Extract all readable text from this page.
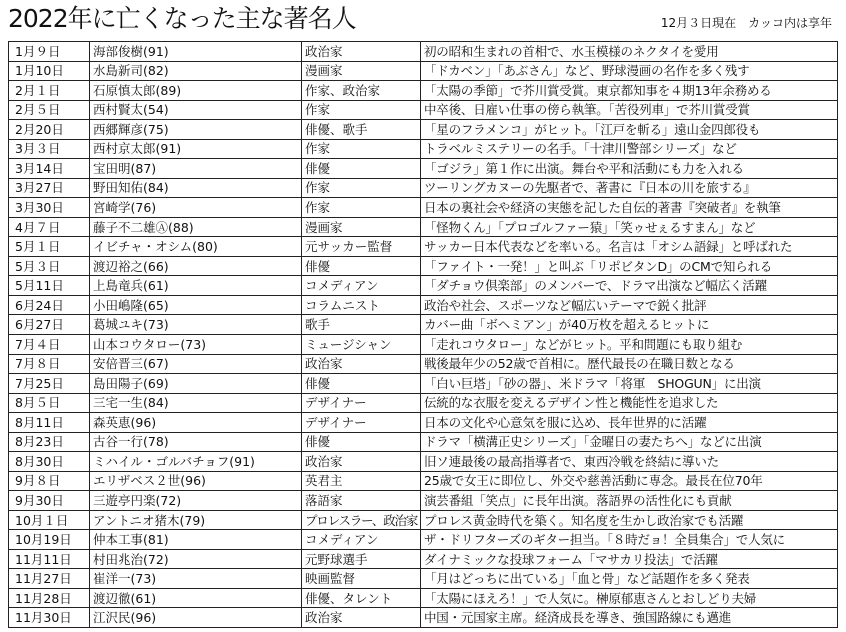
2022年に亡くなった主な著名人	12月３日現在　カッコ内は享年
1月９日	海部俊樹(91)	政治家	初の昭和生まれの首相で、水玉模様のネクタイを愛用
1月10日	水島新司(82)	漫画家	「ドカベン」「あぶさん」など、野球漫画の名作を多く残す
2月１日	石原慎太郎(89)	作家、政治家	「太陽の季節」で芥川賞受賞。東京都知事を４期13年余務める
2月５日	西村賢太(54)	作家	中卒後、日雇い仕事の傍ら執筆。「苦役列車」で芥川賞受賞
2月20日	西郷輝彦(75)	俳優、歌手	「星のフラメンコ」がヒット。「江戸を斬る」遠山金四郎役も
3月３日	西村京太郎(91)	作家	トラベルミステリーの名手。「十津川警部シリーズ」など
3月14日	宝田明(87)	俳優	「ゴジラ」第１作に出演。舞台や平和活動にも力を入れる
3月27日	野田知佑(84)	作家	ツーリングカヌーの先駆者で、著書に『日本の川を旅する』
3月30日	宮崎学(76)	作家	日本の裏社会や経済の実態を記した自伝的著書『突破者』を執筆
4月７日	藤子不二雄Ⓐ(88)	漫画家	「怪物くん」「プロゴルファー猿」「笑ゥせぇるすまん」など
5月１日	イビチャ・オシム(80)	元サッカー監督	サッカー日本代表などを率いる。名言は「オシム語録」と呼ばれた
5月３日	渡辺裕之(66)	俳優	「ファイト・一発！」と叫ぶ「リポビタンD」のCMで知られる
5月11日	上島竜兵(61)	コメディアン	「ダチョウ倶楽部」のメンバーで、ドラマ出演など幅広く活躍
6月24日	小田嶋隆(65)	コラムニスト	政治や社会、スポーツなど幅広いテーマで鋭く批評
6月27日	葛城ユキ(73)	歌手	カバー曲「ボヘミアン」が40万枚を超えるヒットに
7月４日	山本コウタロー(73)	ミュージシャン	「走れコウタロー」などがヒット。平和問題にも取り組む
7月８日	安倍晋三(67)	政治家	戦後最年少の52歳で首相に。歴代最長の在職日数となる
7月25日	島田陽子(69)	俳優	「白い巨塔」「砂の器」、米ドラマ「将軍　SHOGUN」に出演
8月５日	三宅一生(84)	デザイナー	伝統的な衣服を変えるデザイン性と機能性を追求した
8月11日	森英恵(96)	デザイナー	日本の文化や心意気を服に込め、長年世界的に活躍
8月23日	古谷一行(78)	俳優	ドラマ「横溝正史シリーズ」「金曜日の妻たちへ」などに出演
8月30日	ミハイル・ゴルバチョフ(91)	政治家	旧ソ連最後の最高指導者で、東西冷戦を終結に導いた
9月８日	エリザベス２世(96)	英君主	25歳で女王に即位し、外交や慈善活動に専念。最長在位70年
9月30日	三遊亭円楽(72)	落語家	演芸番組「笑点」に長年出演。落語界の活性化にも貢献
10月１日	アントニオ猪木(79)	プロレスラー、政治家	プロレス黄金時代を築く。知名度を生かし政治家でも活躍
10月19日	仲本工事(81)	コメディアン	ザ・ドリフターズのギター担当。「８時だョ！全員集合」で人気に
11月11日	村田兆治(72)	元野球選手	ダイナミックな投球フォーム「マサカリ投法」で活躍
11月27日	崔洋一(73)	映画監督	「月はどっちに出ている」「血と骨」など話題作を多く発表
11月28日	渡辺徹(61)	俳優、タレント	「太陽にほえろ！」で人気に。榊原郁恵さんとおしどり夫婦
11月30日	江沢民(96)	政治家	中国・元国家主席。経済成長を導き、強国路線にも邁進
